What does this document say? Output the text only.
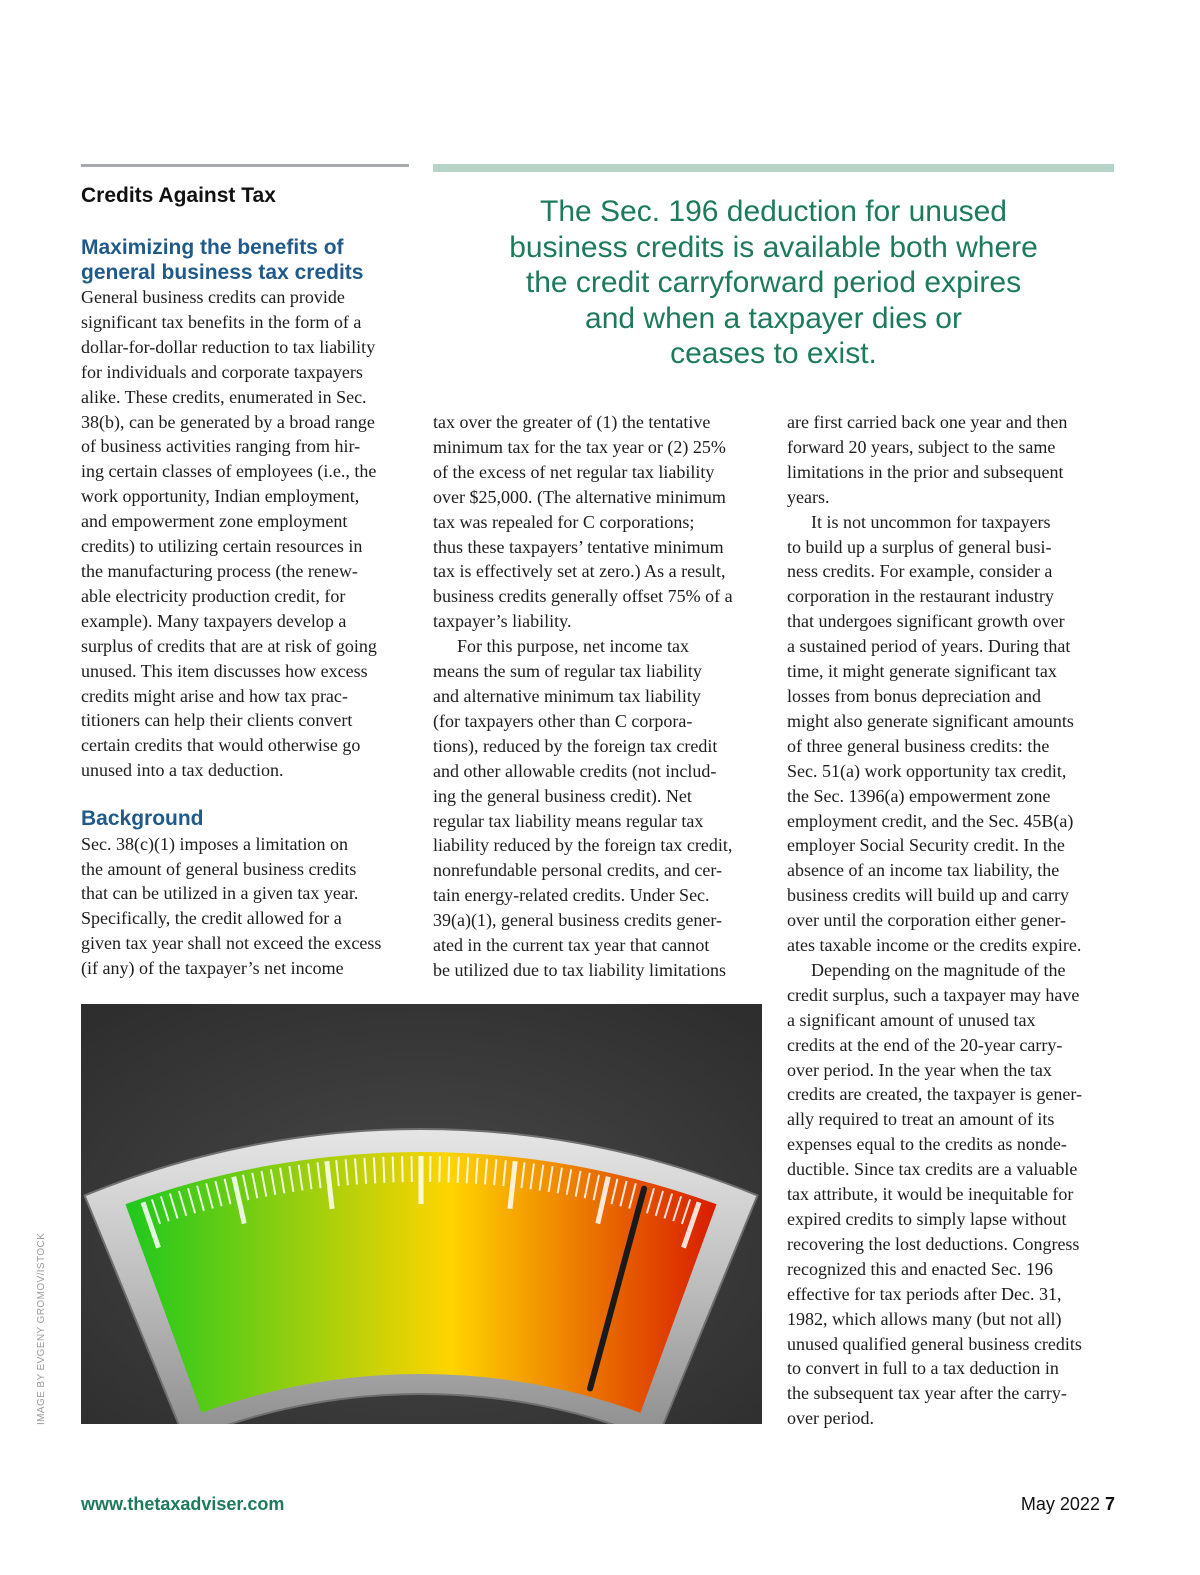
Credits Against Tax	The Sec. 196 deduction for unused
business credits is available both where
the credit carryforward period expires
and when a taxpayer dies or
ceases to exist.
Maximizing the benefits of
general business tax credits
General business credits can provide
significant tax benefits in the form of a
dollar-for-dollar reduction to tax liability
for individuals and corporate taxpayers
alike. These credits, enumerated in Sec.
38(b), can be generated by a broad range
of business activities ranging from hir-
ing certain classes of employees (i.e., the
work opportunity, Indian employment,
and empowerment zone employment
credits) to utilizing certain resources in
the manufacturing process (the renew-
able electricity production credit, for
example). Many taxpayers develop a
surplus of credits that are at risk of going
unused. This item discusses how excess
credits might arise and how tax prac-
titioners can help their clients convert
certain credits that would otherwise go
unused into a tax deduction.
Background
Sec. 38(c)(1) imposes a limitation on
the amount of general business credits
that can be utilized in a given tax year.
Specifically, the credit allowed for a
given tax year shall not exceed the excess
(if any) of the taxpayer’s net income
tax over the greater of (1) the tentative
minimum tax for the tax year or (2) 25%
of the excess of net regular tax liability
over $25,000. (The alternative minimum
tax was repealed for C corporations;
thus these taxpayers’ tentative minimum
tax is effectively set at zero.) As a result,
business credits generally offset 75% of a
taxpayer’s liability.
For this purpose, net income tax
means the sum of regular tax liability
and alternative minimum tax liability
(for taxpayers other than C corpora-
tions), reduced by the foreign tax credit
and other allowable credits (not includ-
ing the general business credit). Net
regular tax liability means regular tax
liability reduced by the foreign tax credit,
nonrefundable personal credits, and cer-
tain energy-related credits. Under Sec.
39(a)(1), general business credits gener-
ated in the current tax year that cannot
be utilized due to tax liability limitations
are first carried back one year and then
forward 20 years, subject to the same
limitations in the prior and subsequent
years.
It is not uncommon for taxpayers
to build up a surplus of general busi-
ness credits. For example, consider a
corporation in the restaurant industry
that undergoes significant growth over
a sustained period of years. During that
time, it might generate significant tax
losses from bonus depreciation and
might also generate significant amounts
of three general business credits: the
Sec. 51(a) work opportunity tax credit,
the Sec. 1396(a) empowerment zone
employment credit, and the Sec. 45B(a)
employer Social Security credit. In the
absence of an income tax liability, the
business credits will build up and carry
over until the corporation either gener-
ates taxable income or the credits expire.
Depending on the magnitude of the
credit surplus, such a taxpayer may have
a significant amount of unused tax
credits at the end of the 20-year carry-
over period. In the year when the tax
credits are created, the taxpayer is gener-
ally required to treat an amount of its
expenses equal to the credits as nonde-
ductible. Since tax credits are a valuable
tax attribute, it would be inequitable for
expired credits to simply lapse without
recovering the lost deductions. Congress
recognized this and enacted Sec. 196
effective for tax periods after Dec. 31,
1982, which allows many (but not all)
unused qualified general business credits
to convert in full to a tax deduction in
the subsequent tax year after the carry-
over period.
IMAGE BY EVGENY GROMOV/ISTOCK
www.thetaxadviser.com	May 2022 7
